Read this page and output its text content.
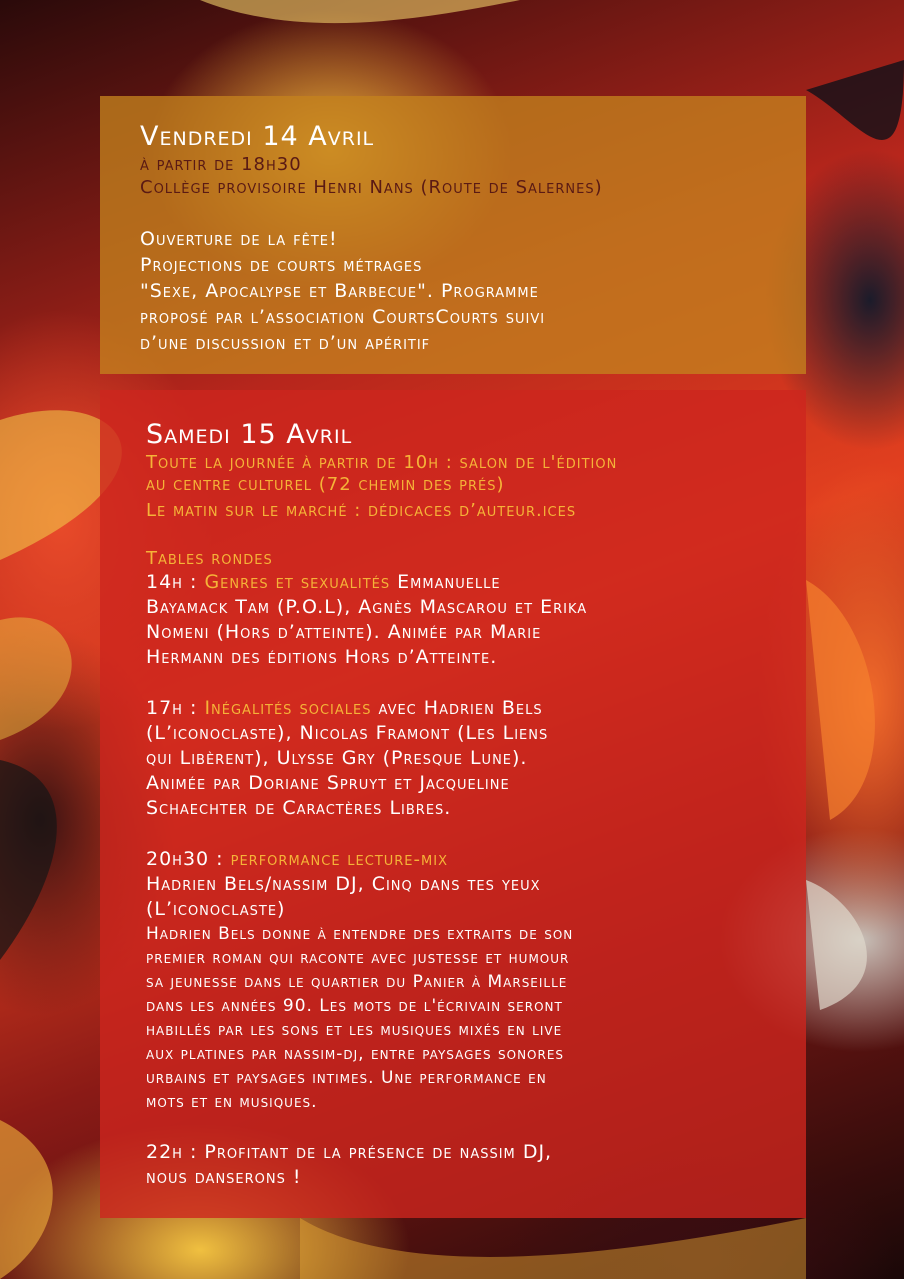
Vendredi 14 Avril
à partir de 18h30
Collège provisoire Henri Nans (Route de Salernes)
Ouverture de la fête!
Projections de courts métrages
"Sexe, Apocalypse et Barbecue". Programme
proposé par l’association CourtsCourts suivi
d’une discussion et d’un apéritif
Samedi 15 Avril
Toute la journée à partir de 10h : salon de l'édition
au centre culturel (72 chemin des prés)
Le matin sur le marché : dédicaces d’auteur.ices
Tables rondes
14h : Genres et sexualités Emmanuelle
Bayamack Tam (P.O.L), Agnès Mascarou et Erika
Nomeni (Hors d’atteinte). Animée par Marie
Hermann des éditions Hors d’Atteinte.
17h : Inégalités sociales avec Hadrien Bels
(L’iconoclaste), Nicolas Framont (Les Liens
qui Libèrent), Ulysse Gry (Presque Lune).
Animée par Doriane Spruyt et Jacqueline
Schaechter de Caractères Libres.
20h30 : performance lecture-mix
Hadrien Bels/nassim DJ, Cinq dans tes yeux
(L’iconoclaste)
Hadrien Bels donne à entendre des extraits de son
premier roman qui raconte avec justesse et humour
sa jeunesse dans le quartier du Panier à Marseille
dans les années 90. Les mots de l'écrivain seront
habillés par les sons et les musiques mixés en live
aux platines par nassim-dj, entre paysages sonores
urbains et paysages intimes. Une performance en
mots et en musiques.
22h : Profitant de la présence de nassim DJ,
nous danserons !
